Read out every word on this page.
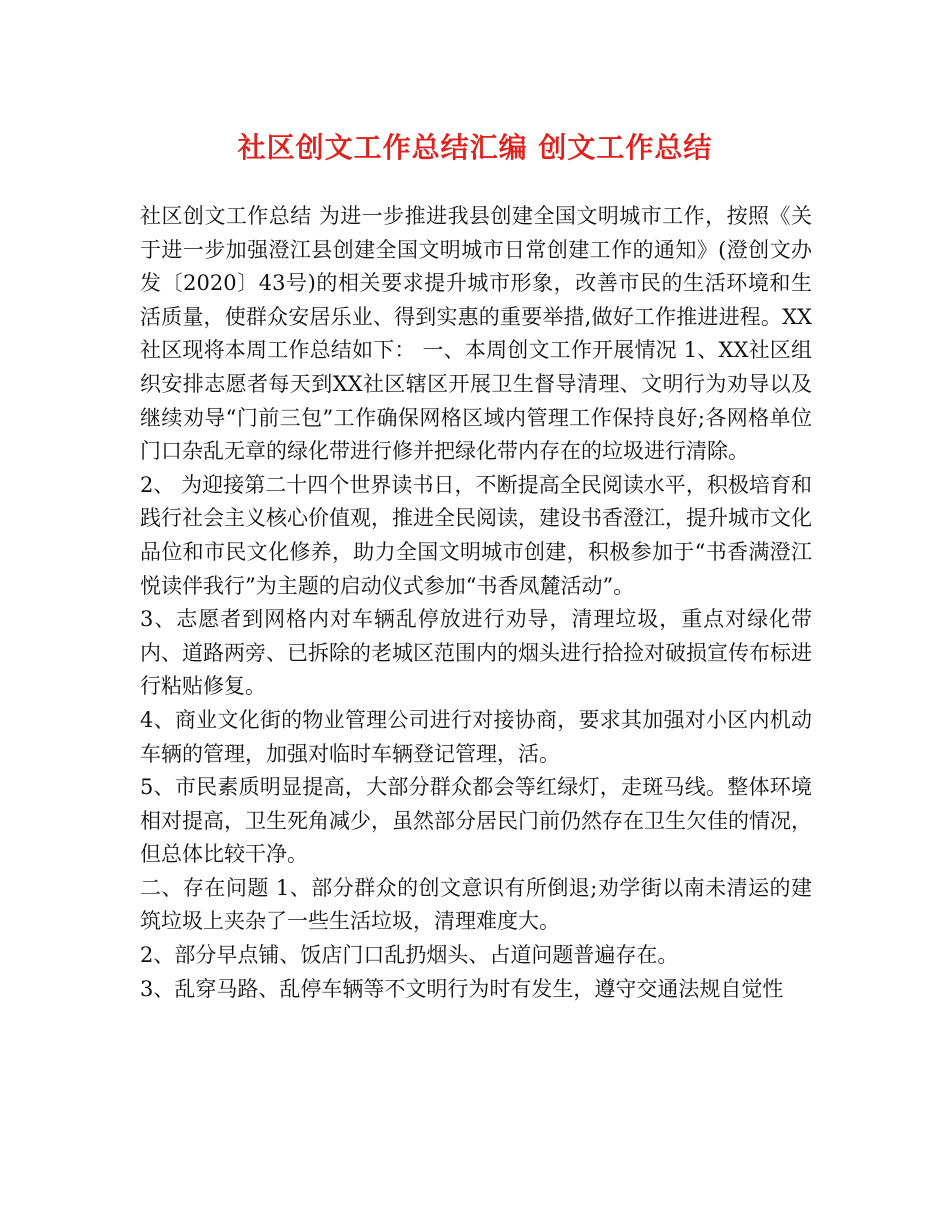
社区创文工作总结汇编 创文工作总结

社区创文工作总结 为进一步推进我县创建全国文明城市工作，按照《关于进一步加强澄江县创建全国文明城市日常创建工作的通知》(澄创文办发〔2020〕43号)的相关要求提升城市形象，改善市民的生活环境和生活质量，使群众安居乐业、得到实惠的重要举措,做好工作推进进程。XX社区现将本周工作总结如下： 一、本周创文工作开展情况 1、XX社区组织安排志愿者每天到XX社区辖区开展卫生督导清理、文明行为劝导以及继续劝导“门前三包”工作确保网格区域内管理工作保持良好;各网格单位门口杂乱无章的绿化带进行修并把绿化带内存在的垃圾进行清除。

2、 为迎接第二十四个世界读书日，不断提高全民阅读水平，积极培育和践行社会主义核心价值观，推进全民阅读，建设书香澄江，提升城市文化品位和市民文化修养，助力全国文明城市创建，积极参加于“书香满澄江悦读伴我行”为主题的启动仪式参加“书香凤麓活动”。

3、志愿者到网格内对车辆乱停放进行劝导，清理垃圾，重点对绿化带内、道路两旁、已拆除的老城区范围内的烟头进行拾捡对破损宣传布标进行粘贴修复。

4、商业文化街的物业管理公司进行对接协商，要求其加强对小区内机动车辆的管理，加强对临时车辆登记管理，活。

5、市民素质明显提高，大部分群众都会等红绿灯，走斑马线。整体环境相对提高，卫生死角减少，虽然部分居民门前仍然存在卫生欠佳的情况，但总体比较干净。

二、存在问题 1、部分群众的创文意识有所倒退;劝学街以南未清运的建筑垃圾上夹杂了一些生活垃圾，清理难度大。

2、部分早点铺、饭店门口乱扔烟头、占道问题普遍存在。

3、乱穿马路、乱停车辆等不文明行为时有发生，遵守交通法规自觉性
